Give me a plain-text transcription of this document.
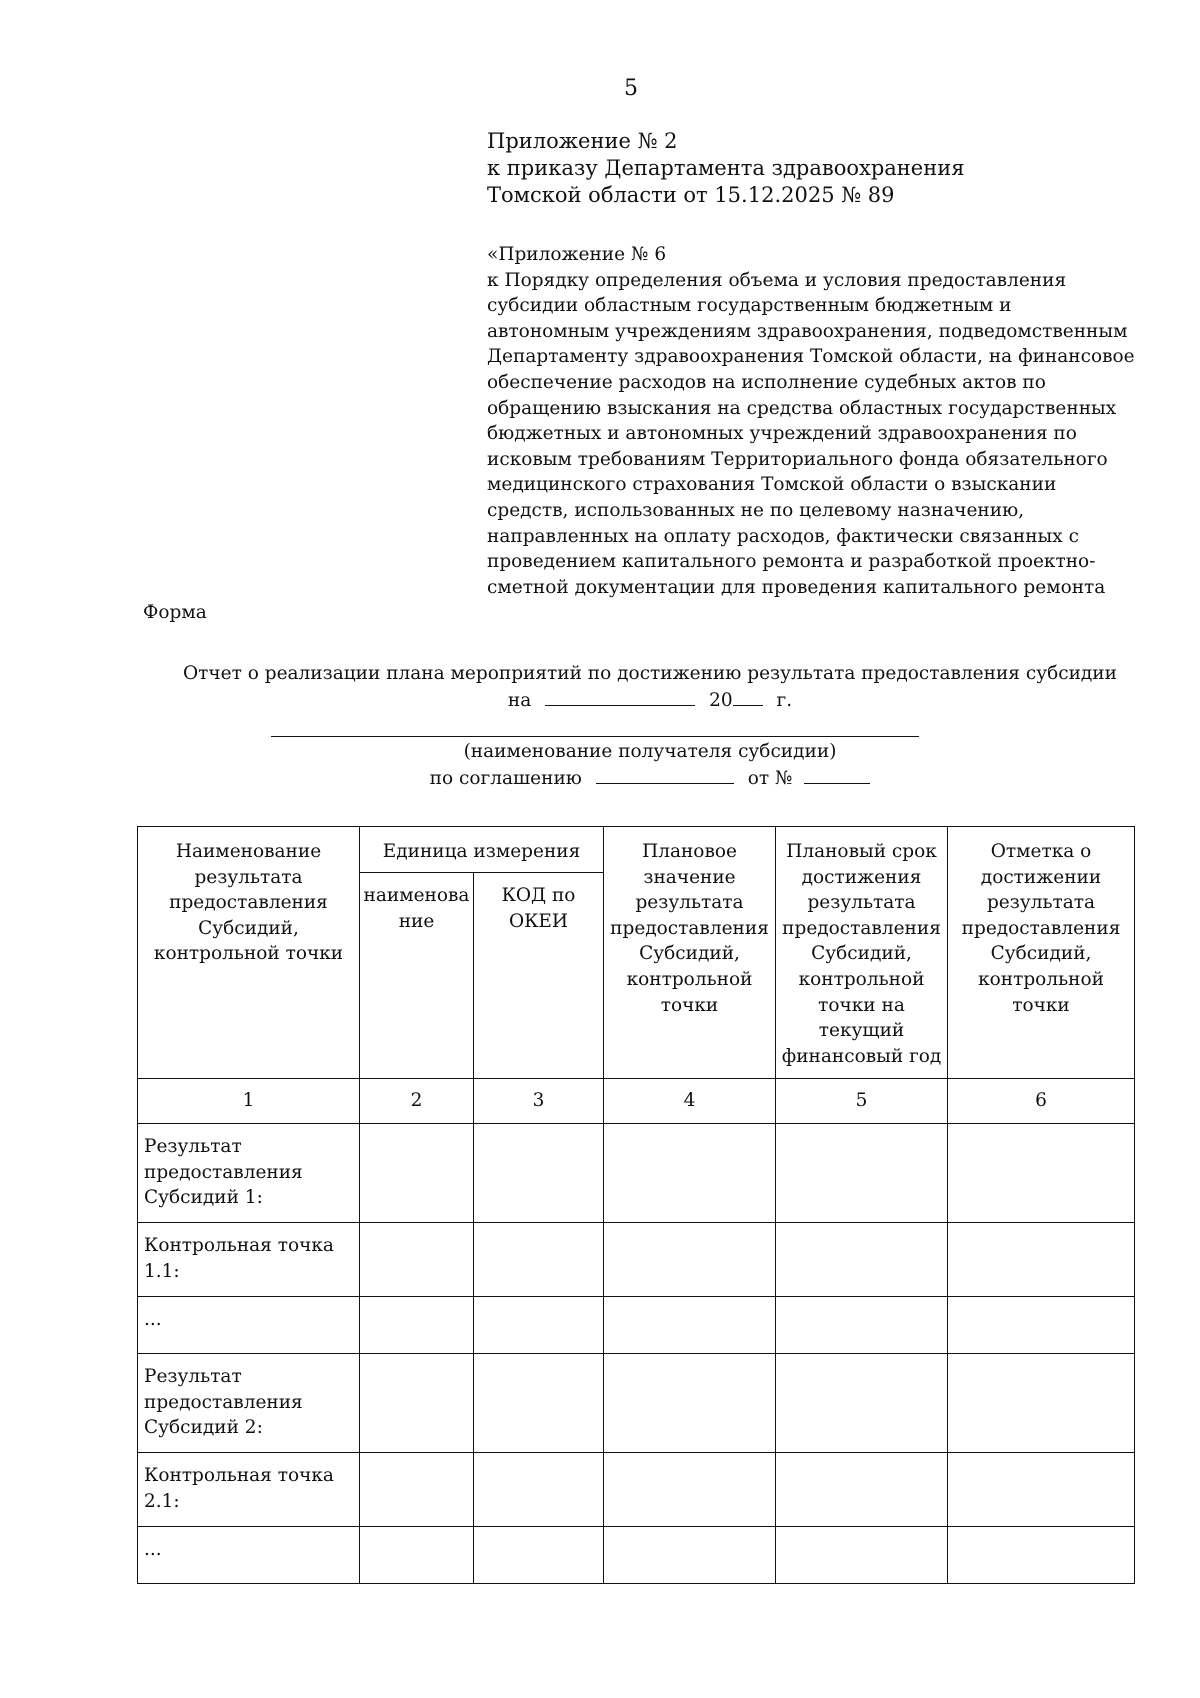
5
Приложение № 2
к приказу Департамента здравоохранения
Томской области от 15.12.2025 № 89
«Приложение № 6
к Порядку определения объема и условия предоставления
субсидии областным государственным бюджетным и
автономным учреждениям здравоохранения, подведомственным
Департаменту здравоохранения Томской области, на финансовое
обеспечение расходов на исполнение судебных актов по
обращению взыскания на средства областных государственных
бюджетных и автономных учреждений здравоохранения по
исковым требованиям Территориального фонда обязательного
медицинского страхования Томской области о взыскании
средств, использованных не по целевому назначению,
направленных на оплату расходов, фактически связанных с
проведением капитального ремонта и разработкой проектно-
сметной документации для проведения капитального ремонта
Форма
Отчет о реализации плана мероприятий по достижению результата предоставления субсидии
на	20 г.
(наименование получателя субсидии)
по соглашению	от №
Наименование результата предоставления Субсидий, контрольной точки	Единица измерения		Плановое значение результата предоставления Субсидий, контрольной точки	Плановый срок достижения результата предоставления Субсидий, контрольной точки на текущий финансовый год	Отметка о достижении результата предоставления Субсидий, контрольной точки
	наименова ние	КОД по ОКЕИ			
1	2	3	4	5	6
Результат предоставления Субсидий 1:					
Контрольная точка 1.1:					
...					
Результат предоставления Субсидий 2:					
Контрольная точка 2.1:					
...					
